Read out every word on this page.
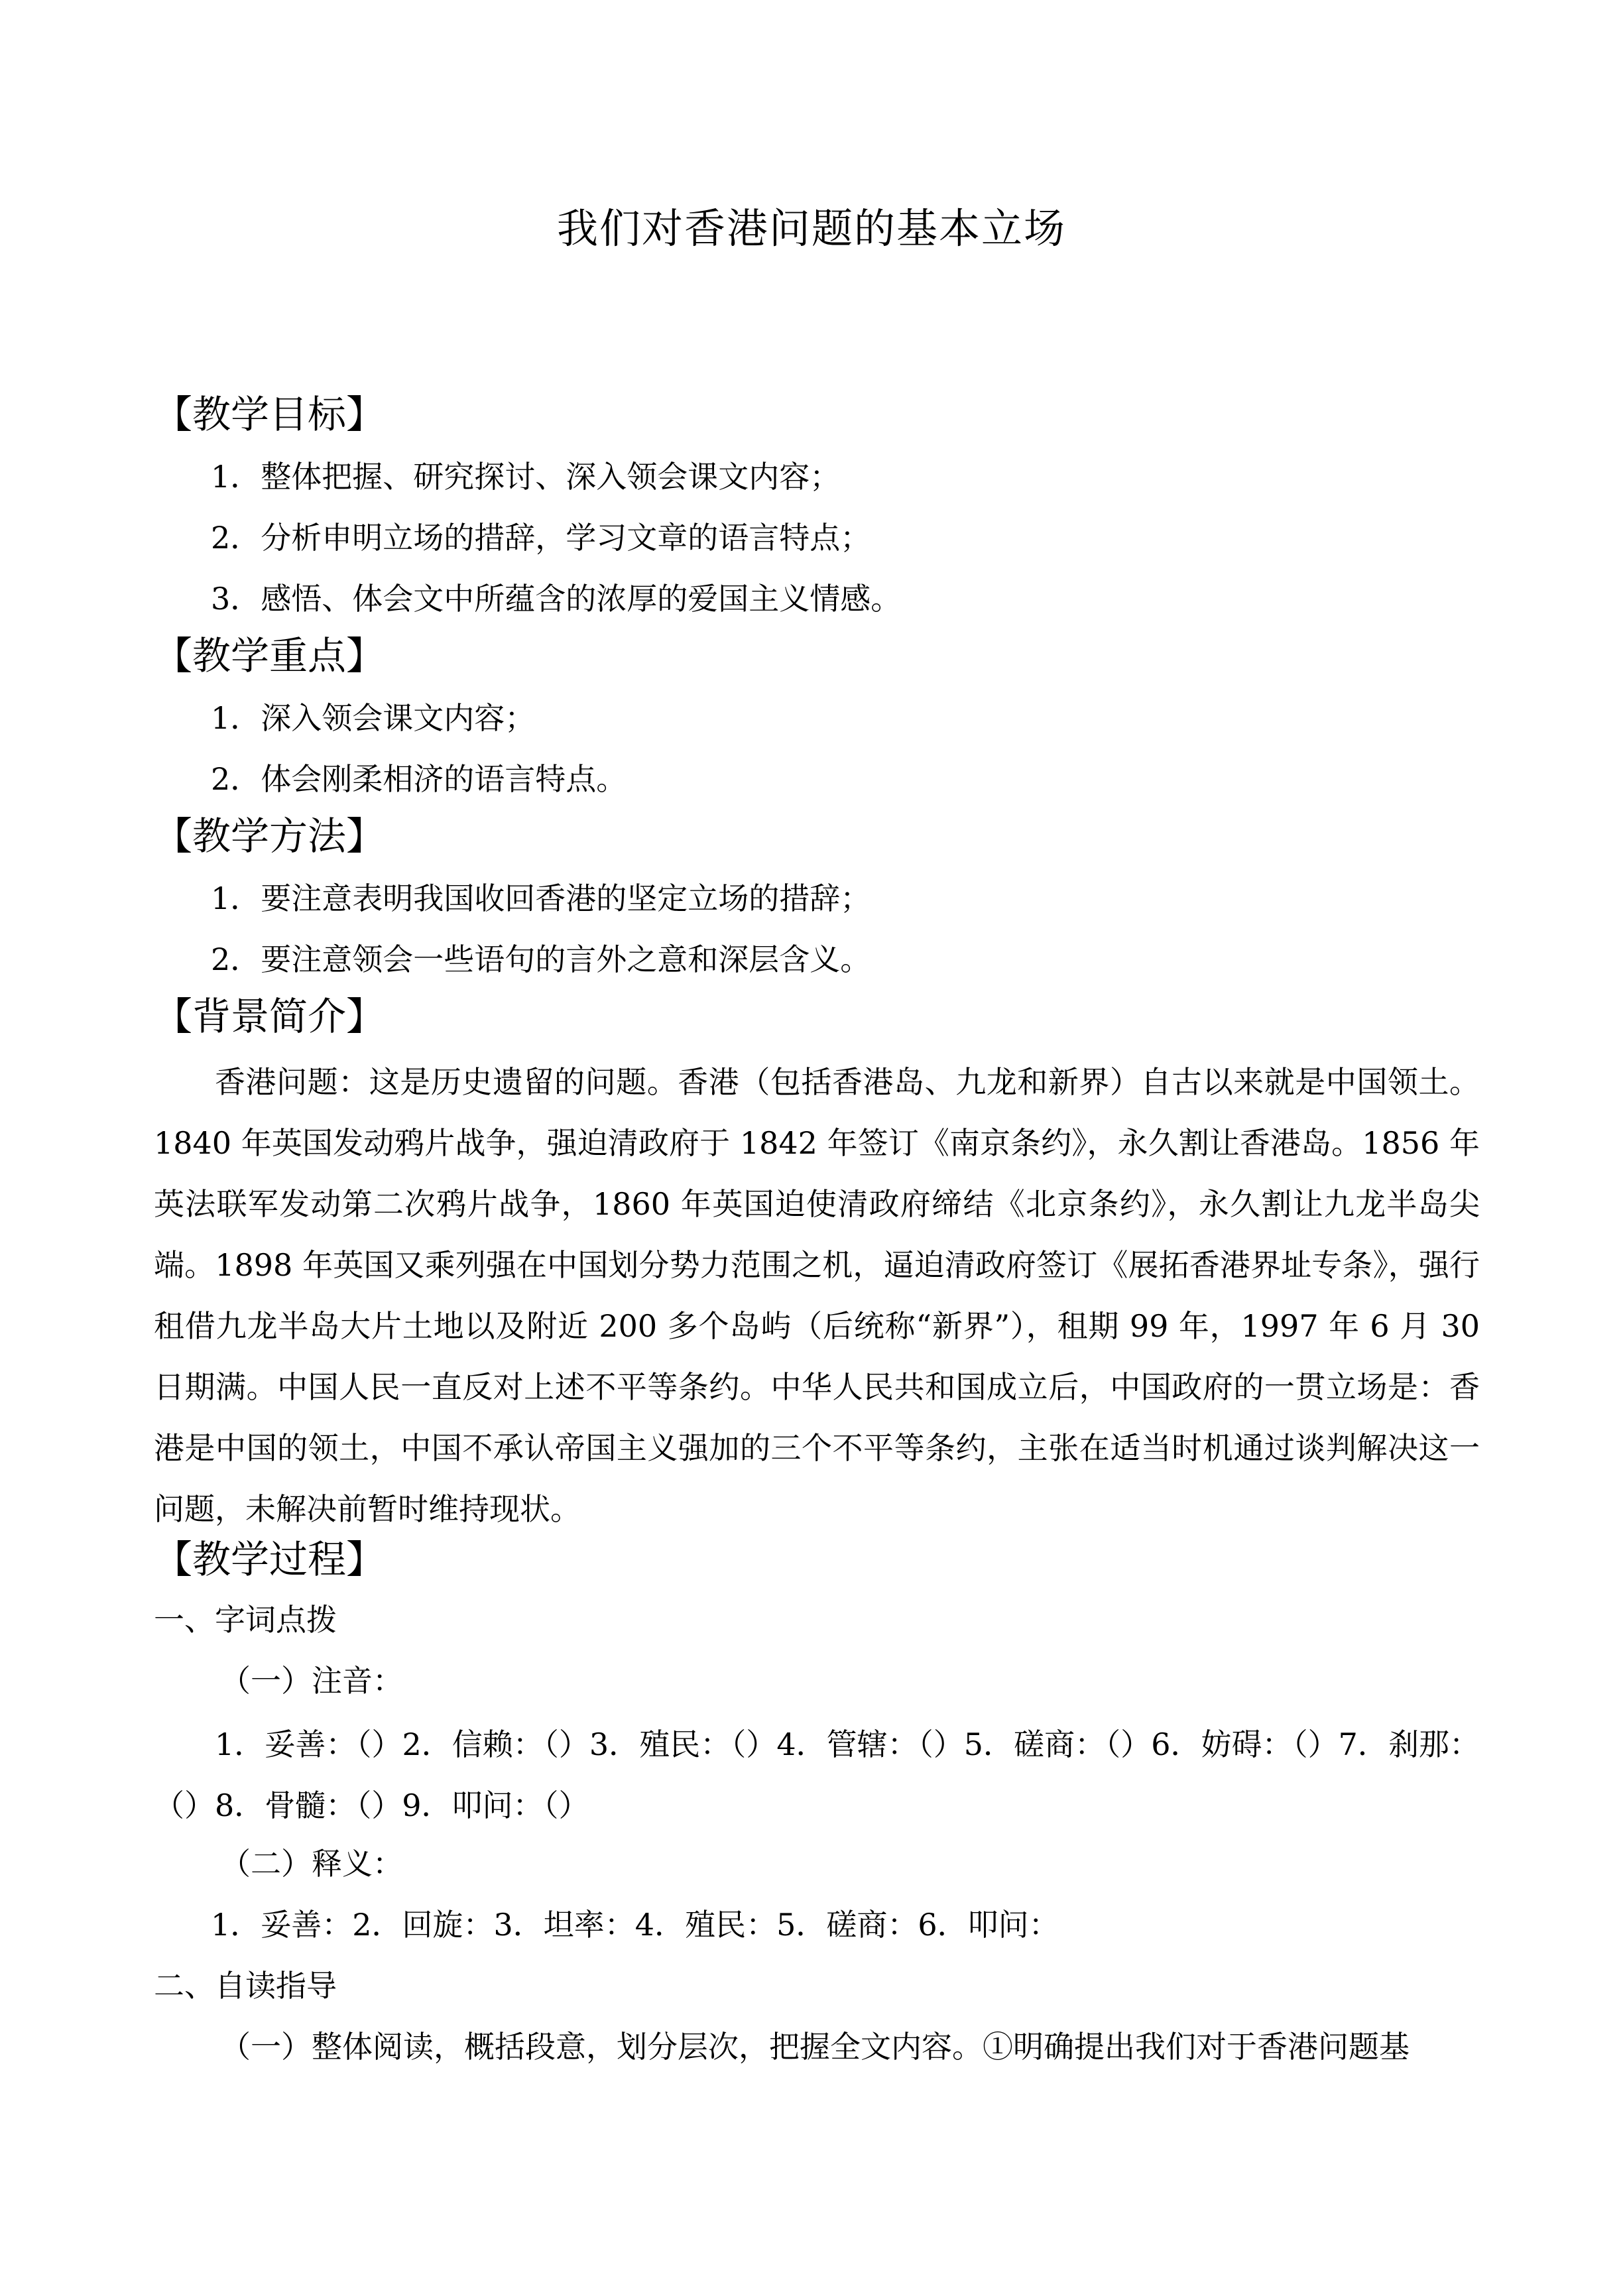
我们对香港问题的基本立场
【教学目标】
1．整体把握、研究探讨、深入领会课文内容；
2．分析申明立场的措辞，学习文章的语言特点；
3．感悟、体会文中所蕴含的浓厚的爱国主义情感。
【教学重点】
1．深入领会课文内容；
2．体会刚柔相济的语言特点。
【教学方法】
1．要注意表明我国收回香港的坚定立场的措辞；
2．要注意领会一些语句的言外之意和深层含义。
【背景简介】
香港问题：这是历史遗留的问题。香港（包括香港岛、九龙和新界）自古以来就是中国领土。1840 年英国发动鸦片战争，强迫清政府于 1842 年签订《南京条约》，永久割让香港岛。1856 年英法联军发动第二次鸦片战争，1860 年英国迫使清政府缔结《北京条约》，永久割让九龙半岛尖端。1898 年英国又乘列强在中国划分势力范围之机，逼迫清政府签订《展拓香港界址专条》，强行租借九龙半岛大片土地以及附近 200 多个岛屿（后统称“新界”），租期 99 年，1997 年 6 月 30 日期满。中国人民一直反对上述不平等条约。中华人民共和国成立后，中国政府的一贯立场是：香港是中国的领土，中国不承认帝国主义强加的三个不平等条约，主张在适当时机通过谈判解决这一问题，未解决前暂时维持现状。
【教学过程】
一、字词点拨
（一）注音：
1．妥善：（）2．信赖：（）3．殖民：（）4．管辖：（）5．磋商：（）6．妨碍：（）7．刹那：（）8．骨髓：（）9．叩问：（）
（二）释义：
1．妥善：2．回旋：3．坦率：4．殖民：5．磋商：6．叩问：
二、自读指导
（一）整体阅读，概括段意，划分层次，把握全文内容。①明确提出我们对于香港问题基
